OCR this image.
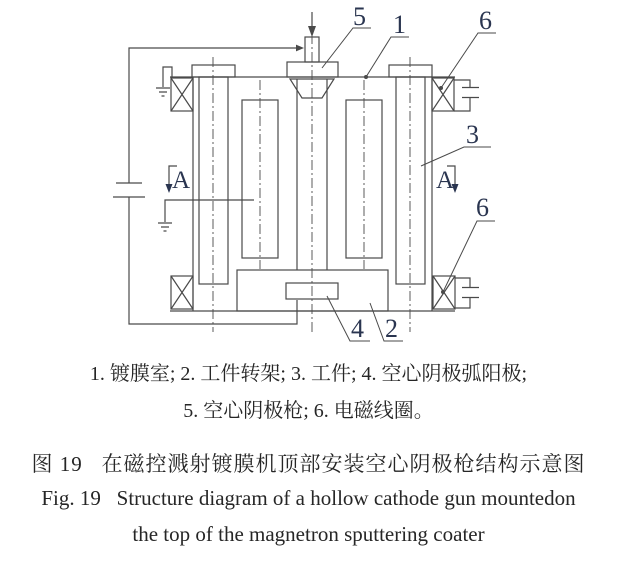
5 1	6
3
6
4 2
A	A
1. 镀膜室; 2. 工件转架; 3. 工件; 4. 空心阴极弧阳极;
5. 空心阴极枪; 6. 电磁线圈。
图 19   在磁控溅射镀膜机顶部安装空心阴极枪结构示意图
Fig. 19   Structure diagram of a hollow cathode gun mountedon
the top of the magnetron sputtering coater
